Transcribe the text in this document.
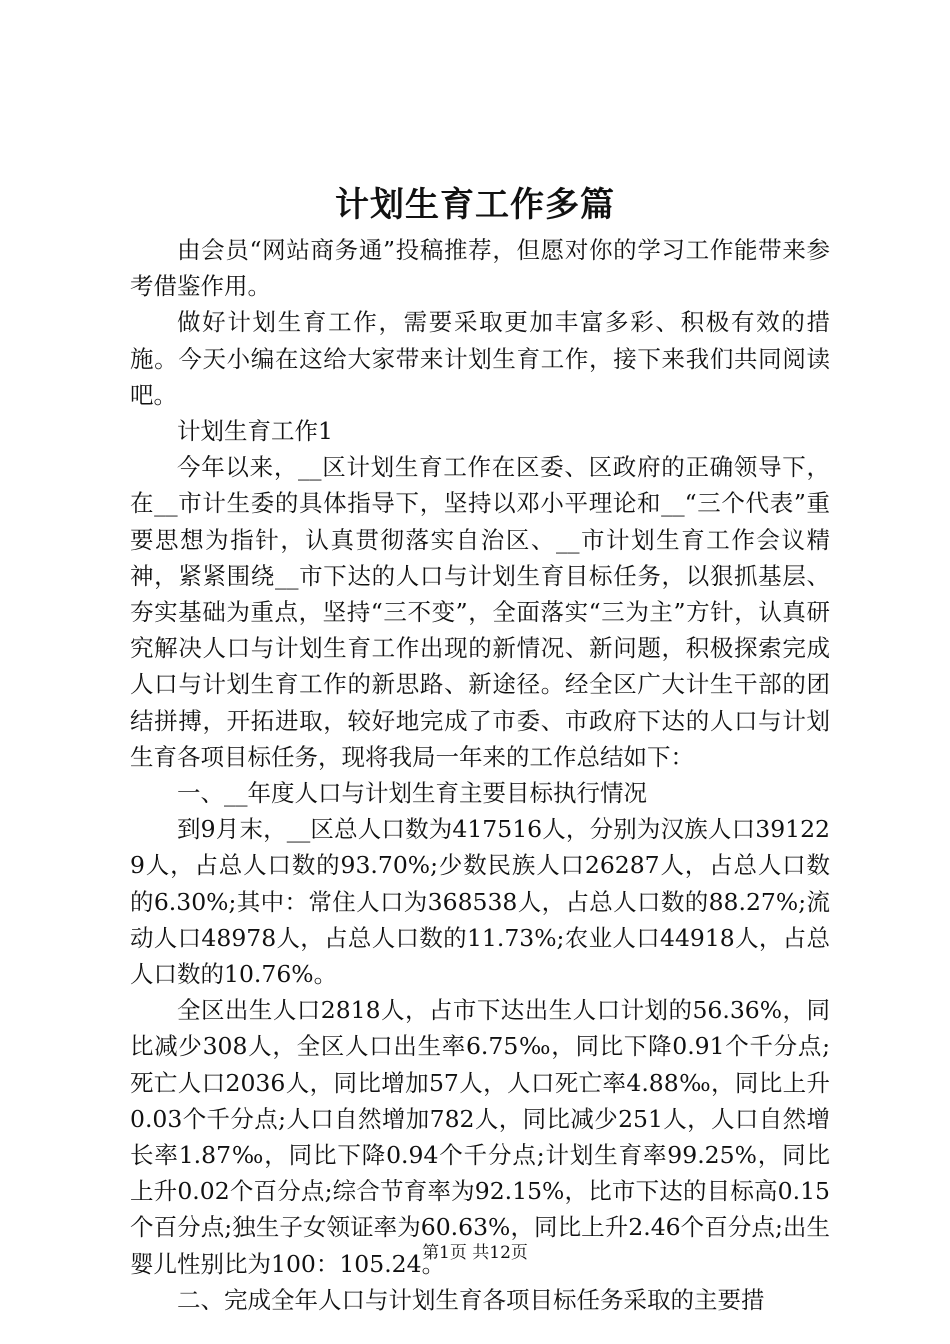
计划生育工作多篇

由会员“网站商务通”投稿推荐，但愿对你的学习工作能带来参考借鉴作用。

做好计划生育工作，需要采取更加丰富多彩、积极有效的措施。今天小编在这给大家带来计划生育工作，接下来我们共同阅读吧。

计划生育工作1

今年以来，__区计划生育工作在区委、区政府的正确领导下，在__市计生委的具体指导下，坚持以邓小平理论和__“三个代表”重要思想为指针，认真贯彻落实自治区、__市计划生育工作会议精神，紧紧围绕__市下达的人口与计划生育目标任务，以狠抓基层、夯实基础为重点，坚持“三不变”，全面落实“三为主”方针，认真研究解决人口与计划生育工作出现的新情况、新问题，积极探索完成人口与计划生育工作的新思路、新途径。经全区广大计生干部的团结拼搏，开拓进取，较好地完成了市委、市政府下达的人口与计划生育各项目标任务，现将我局一年来的工作总结如下：

一、__年度人口与计划生育主要目标执行情况

到9月末，__区总人口数为417516人，分别为汉族人口391229人，占总人口数的93.70%;少数民族人口26287人，占总人口数的6.30%;其中：常住人口为368538人，占总人口数的88.27%;流动人口48978人，占总人口数的11.73%;农业人口44918人，占总人口数的10.76%。

全区出生人口2818人，占市下达出生人口计划的56.36%，同比减少308人，全区人口出生率6.75‰，同比下降0.91个千分点;死亡人口2036人，同比增加57人，人口死亡率4.88‰，同比上升0.03个千分点;人口自然增加782人，同比减少251人，人口自然增长率1.87‰，同比下降0.94个千分点;计划生育率99.25%，同比上升0.02个百分点;综合节育率为92.15%，比市下达的目标高0.15个百分点;独生子女领证率为60.63%，同比上升2.46个百分点;出生婴儿性别比为100：105.24。

二、完成全年人口与计划生育各项目标任务采取的主要措

第1页 共12页
